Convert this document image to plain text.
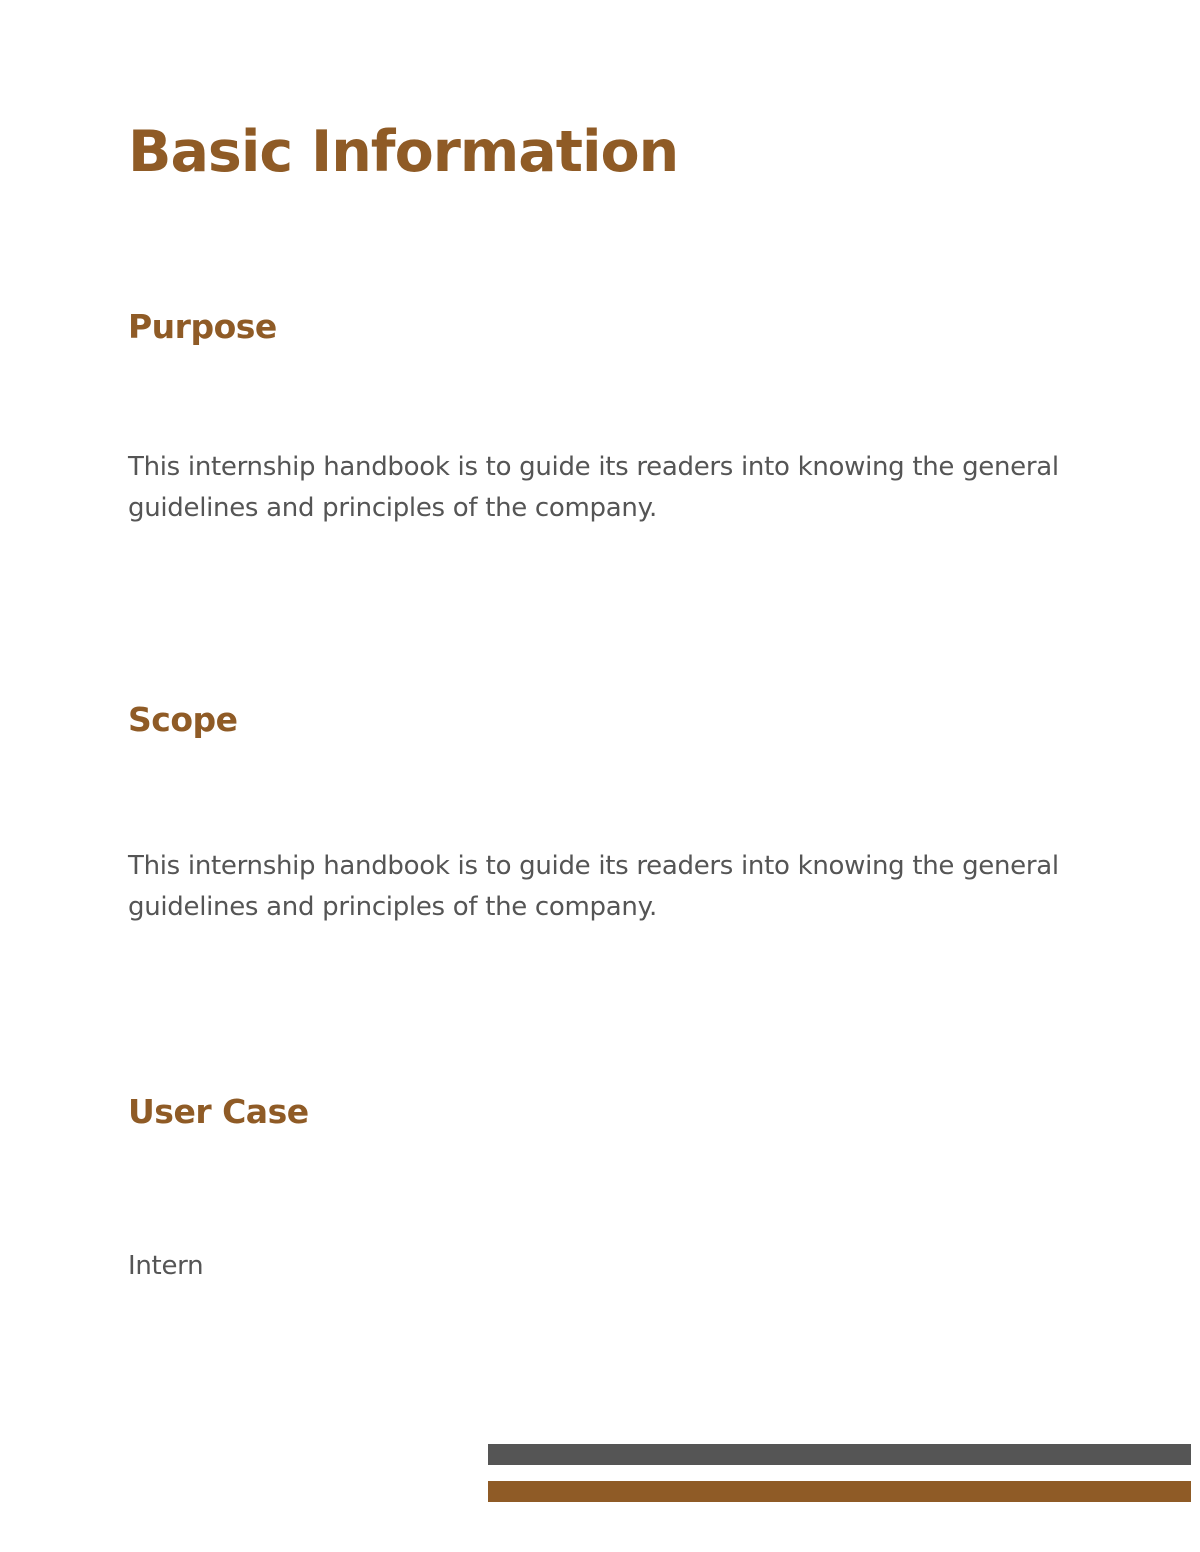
Basic Information
Purpose

This internship handbook is to guide its readers into knowing the general guidelines and principles of the company.

Scope

This internship handbook is to guide its readers into knowing the general guidelines and principles of the company.

User Case

Intern
